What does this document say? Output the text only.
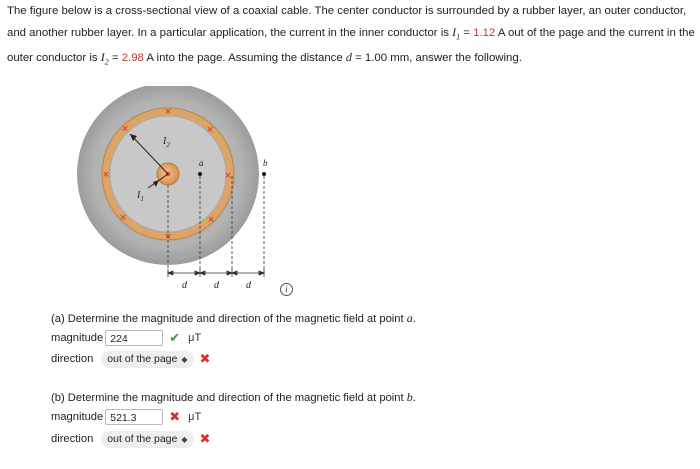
The figure below is a cross-sectional view of a coaxial cable. The center conductor is surrounded by a rubber layer, an outer conductor, and another rubber layer. In a particular application, the current in the inner conductor is $I_1 = 1.12$ A out of the page and the current in the outer conductor is $I_2 = 2.98$ A into the page. Assuming the distance d = 1.00 mm, answer the following.
×
×
×
×
×
×
×
×
$I_2$
$I_1$
a	b
d	d	d	i
(a) Determine the magnitude and direction of the magnetic field at point a.
magnitude 224	✔ μT
direction out of the page ◆ ✖
(b) Determine the magnitude and direction of the magnetic field at point b.
magnitude 521.3	✖ μT
direction out of the page ◆ ✖
